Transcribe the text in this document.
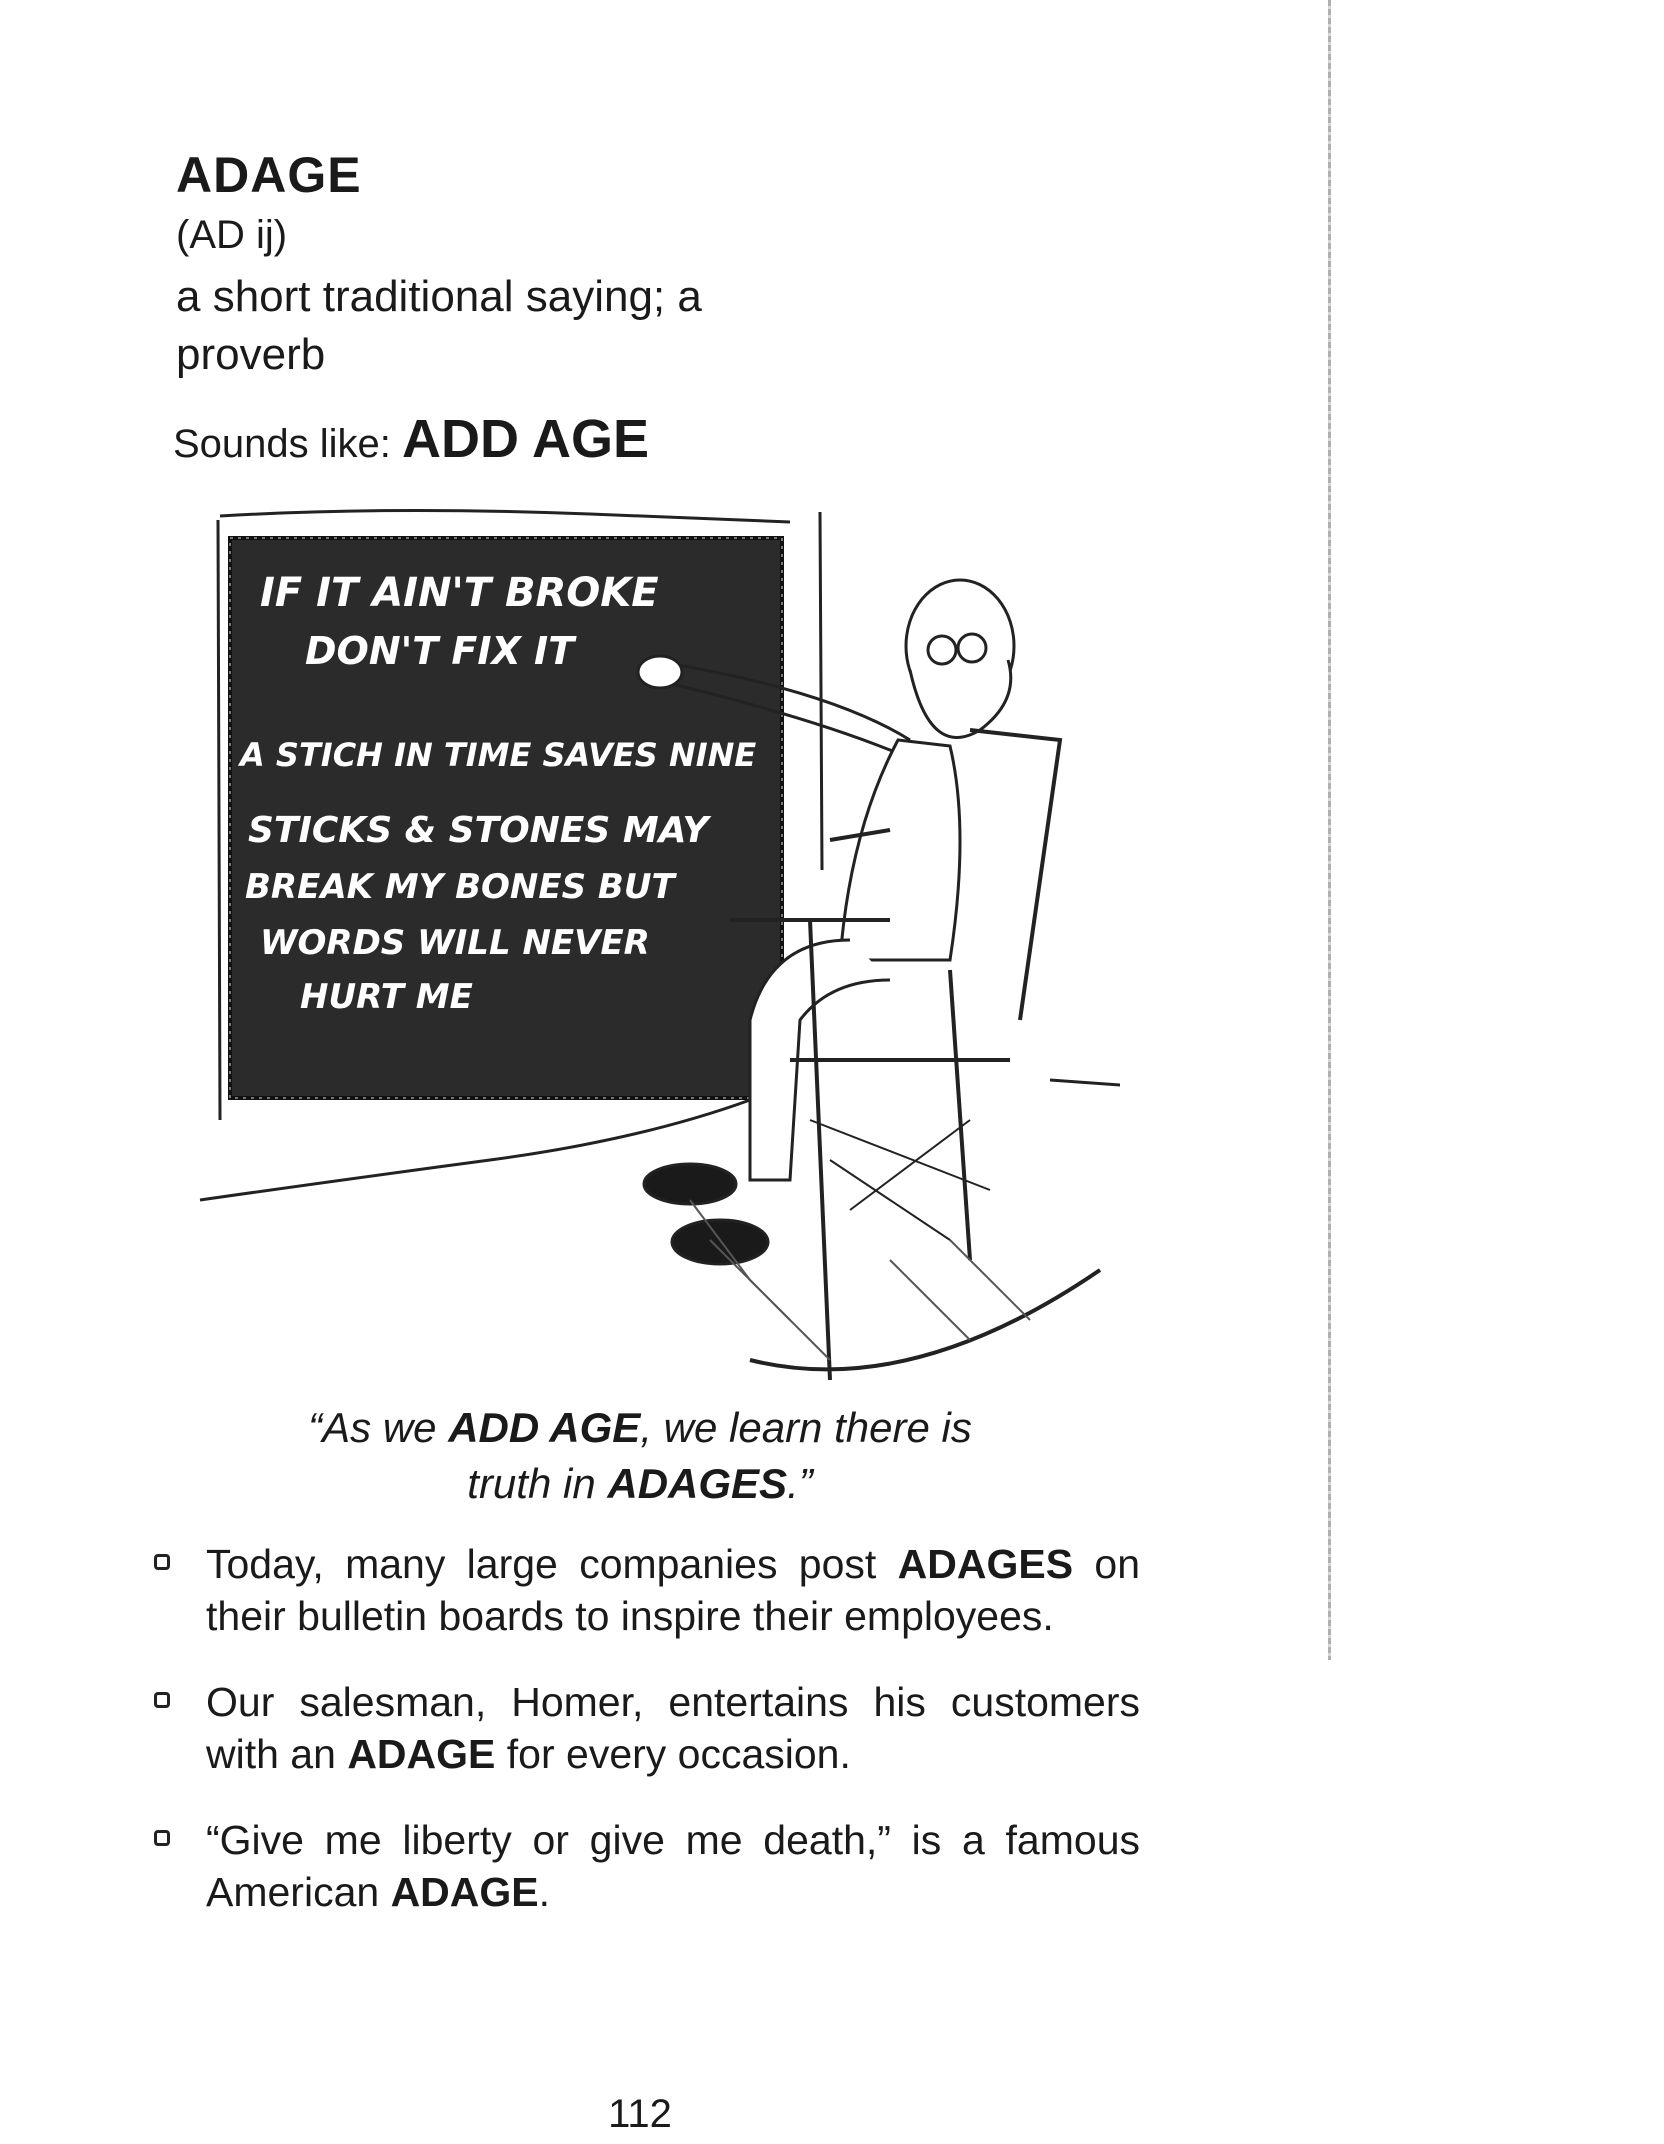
ADAGE
(AD ij)
a short traditional saying; a proverb
Sounds like: ADD AGE
IF IT AIN'T BROKE
DON'T FIX IT
A STICH IN TIME SAVES NINE
STICKS & STONES MAY
BREAK MY BONES BUT
WORDS WILL NEVER
HURT ME
“As we ADD AGE, we learn there is truth in ADAGES.”
Today, many large companies post ADAGES on their bulletin boards to inspire their employees.
Our salesman, Homer, entertains his customers with an ADAGE for every occasion.
“Give me liberty or give me death,” is a famous American ADAGE.
112
